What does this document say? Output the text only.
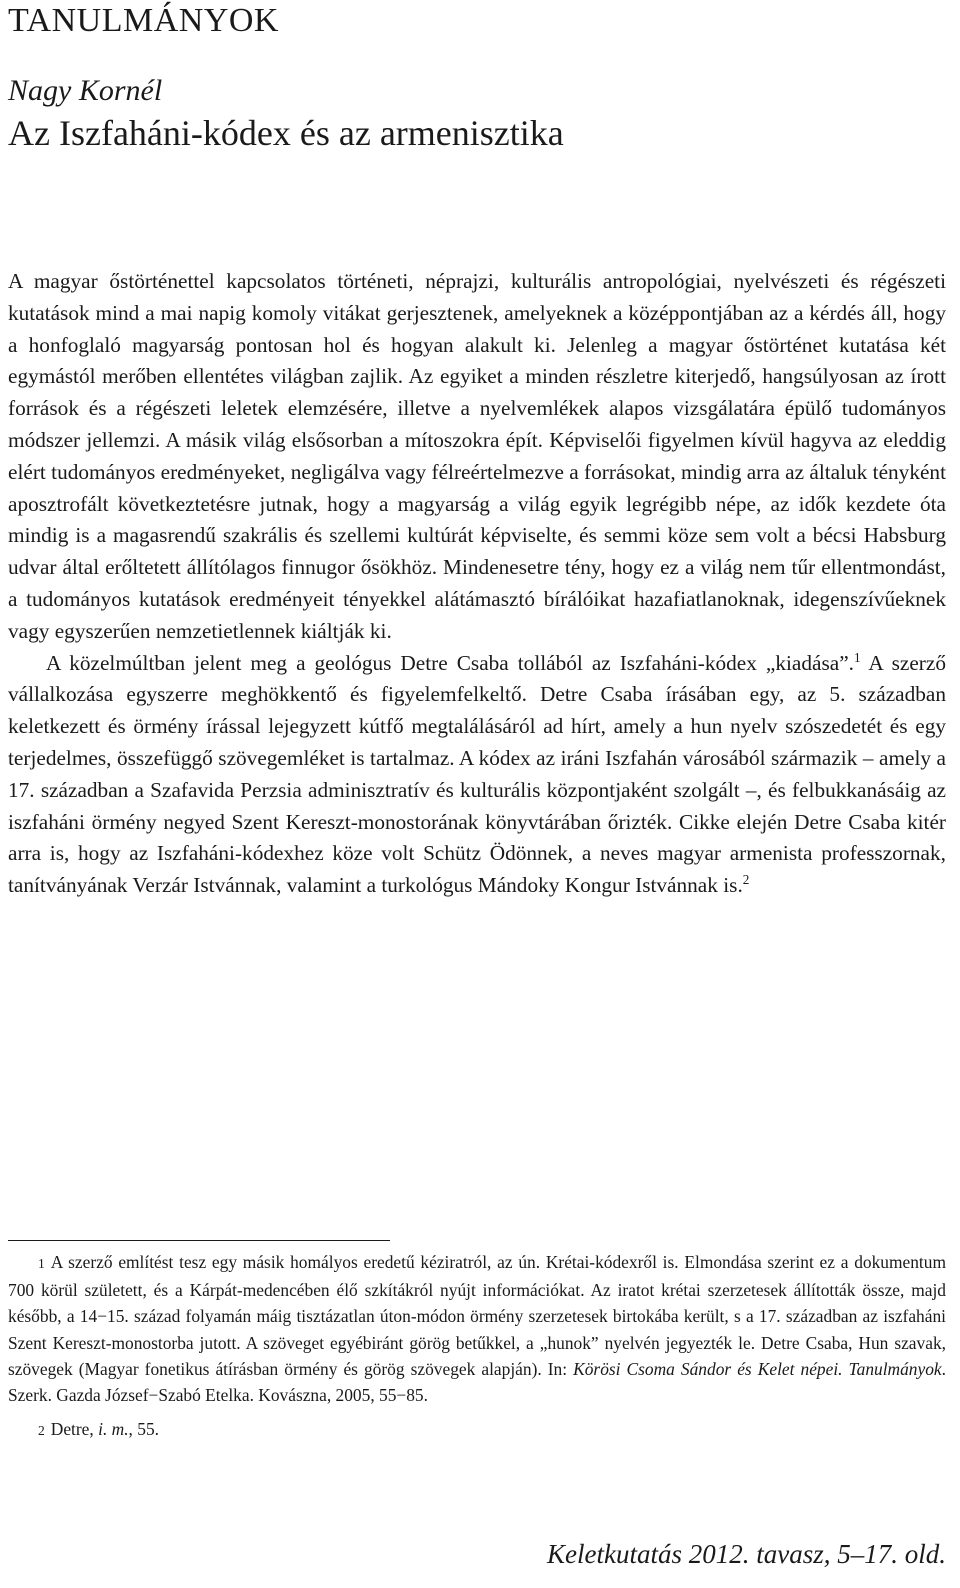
TANULMÁNYOK
Nagy Kornél
Az Iszfaháni-kódex és az armenisztika

A magyar őstörténettel kapcsolatos történeti, néprajzi, kulturális antropológiai, nyelvészeti és régészeti kutatások mind a mai napig komoly vitákat gerjesztenek, amelyeknek a középpontjában az a kérdés áll, hogy a honfoglaló magyarság pontosan hol és hogyan alakult ki. Jelenleg a magyar őstörténet kutatása két egymástól merőben ellentétes világban zajlik. Az egyiket a minden részletre kiterjedő, hangsúlyosan az írott források és a régészeti leletek elemzésére, illetve a nyelvemlékek alapos vizsgálatára épülő tudományos módszer jellemzi. A másik világ elsősorban a mítoszokra épít. Képviselői figyelmen kívül hagyva az eleddig elért tudományos eredményeket, negligálva vagy félreértelmezve a forrásokat, mindig arra az általuk tényként aposztrofált következtetésre jutnak, hogy a magyarság a világ egyik legrégibb népe, az idők kezdete óta mindig is a magasrendű szakrális és szellemi kultúrát képviselte, és semmi köze sem volt a bécsi Habsburg udvar által erőltetett állítólagos finnugor ősökhöz. Mindenesetre tény, hogy ez a világ nem tűr ellentmondást, a tudományos kutatások eredményeit tényekkel alátámasztó bírálóikat hazafiatlanoknak, idegenszívűeknek vagy egyszerűen nemzetietlennek kiáltják ki.

A közelmúltban jelent meg a geológus Detre Csaba tollából az Iszfaháni-kódex „kiadása”.$^1$ A szerző vállalkozása egyszerre meghökkentő és figyelemfelkeltő. Detre Csaba írásában egy, az 5. században keletkezett és örmény írással lejegyzett kútfő megtalálásáról ad hírt, amely a hun nyelv szószedetét és egy terjedelmes, összefüggő szövegemléket is tartalmaz. A kódex az iráni Iszfahán városából származik – amely a 17. században a Szafavida Perzsia adminisztratív és kulturális központjaként szolgált –, és felbukkanásáig az iszfaháni örmény negyed Szent Kereszt-monostorának könyvtárában őrizték. Cikke elején Detre Csaba kitér arra is, hogy az Iszfaháni-kódexhez köze volt Schütz Ödönnek, a neves magyar armenista professzornak, tanítványának Verzár Istvánnak, valamint a turkológus Mándoky Kongur Istvánnak is.$^2$

1 A szerző említést tesz egy másik homályos eredetű kéziratról, az ún. Krétai-kódexről is. Elmondása szerint ez a dokumentum 700 körül született, és a Kárpát-medencében élő szkítákról nyújt információkat. Az iratot krétai szerzetesek állították össze, majd később, a 14−15. század folyamán máig tisztázatlan úton-módon örmény szerzetesek birtokába került, s a 17. században az iszfaháni Szent Kereszt-monostorba jutott. A szöveget egyébiránt görög betűkkel, a „hunok” nyelvén jegyezték le. Detre Csaba, Hun szavak, szövegek (Magyar fonetikus átírásban örmény és görög szövegek alapján). In: Körösi Csoma Sándor és Kelet népei. Tanulmányok. Szerk. Gazda József−Szabó Etelka. Kovászna, 2005, 55−85.

2 Detre, i. m., 55.

Keletkutatás 2012. tavasz, 5–17. old.
